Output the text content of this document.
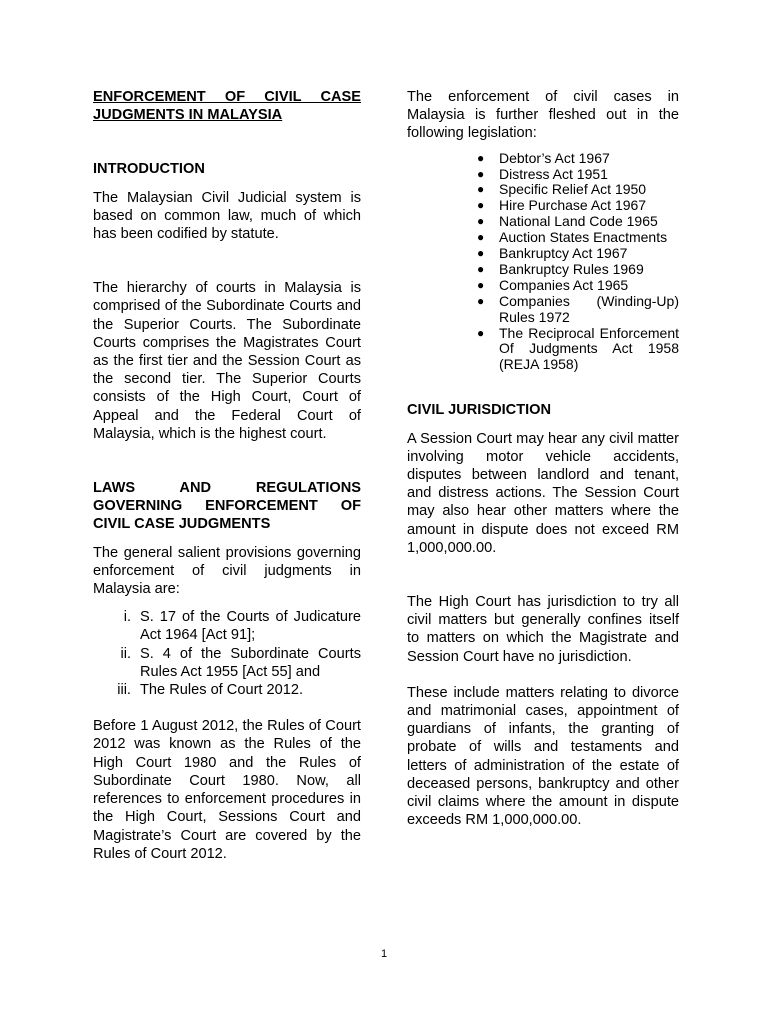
ENFORCEMENT OF CIVIL CASE JUDGMENTS IN MALAYSIA
INTRODUCTION

The Malaysian Civil Judicial system is based on common law, much of which has been codified by statute.

The hierarchy of courts in Malaysia is comprised of the Subordinate Courts and the Superior Courts. The Subordinate Courts comprises the Magistrates Court as the first tier and the Session Court as the second tier. The Superior Courts consists of the High Court, Court of Appeal and the Federal Court of Malaysia, which is the highest court.

LAWS AND REGULATIONS GOVERNING ENFORCEMENT OF CIVIL CASE JUDGMENTS

The general salient provisions governing enforcement of civil judgments in Malaysia are:

i. S. 17 of the Courts of Judicature Act 1964 [Act 91];
ii. S. 4 of the Subordinate Courts Rules Act 1955 [Act 55] and
iii. The Rules of Court 2012.

Before 1 August 2012, the Rules of Court 2012 was known as the Rules of the High Court 1980 and the Rules of Subordinate Court 1980. Now, all references to enforcement procedures in the High Court, Sessions Court and Magistrate’s Court are covered by the Rules of Court 2012.

The enforcement of civil cases in Malaysia is further fleshed out in the following legislation:

● Debtor’s Act 1967
● Distress Act 1951
● Specific Relief Act 1950
● Hire Purchase Act 1967
● National Land Code 1965
● Auction States Enactments
● Bankruptcy Act 1967
● Bankruptcy Rules 1969
● Companies Act 1965
● Companies (Winding-Up) Rules 1972
● The Reciprocal Enforcement Of Judgments Act 1958 (REJA 1958)
CIVIL JURISDICTION

A Session Court may hear any civil matter involving motor vehicle accidents, disputes between landlord and tenant, and distress actions. The Session Court may also hear other matters where the amount in dispute does not exceed RM 1,000,000.00.

The High Court has jurisdiction to try all civil matters but generally confines itself to matters on which the Magistrate and Session Court have no jurisdiction.

These include matters relating to divorce and matrimonial cases, appointment of guardians of infants, the granting of probate of wills and testaments and letters of administration of the estate of deceased persons, bankruptcy and other civil claims where the amount in dispute exceeds RM 1,000,000.00.

1
